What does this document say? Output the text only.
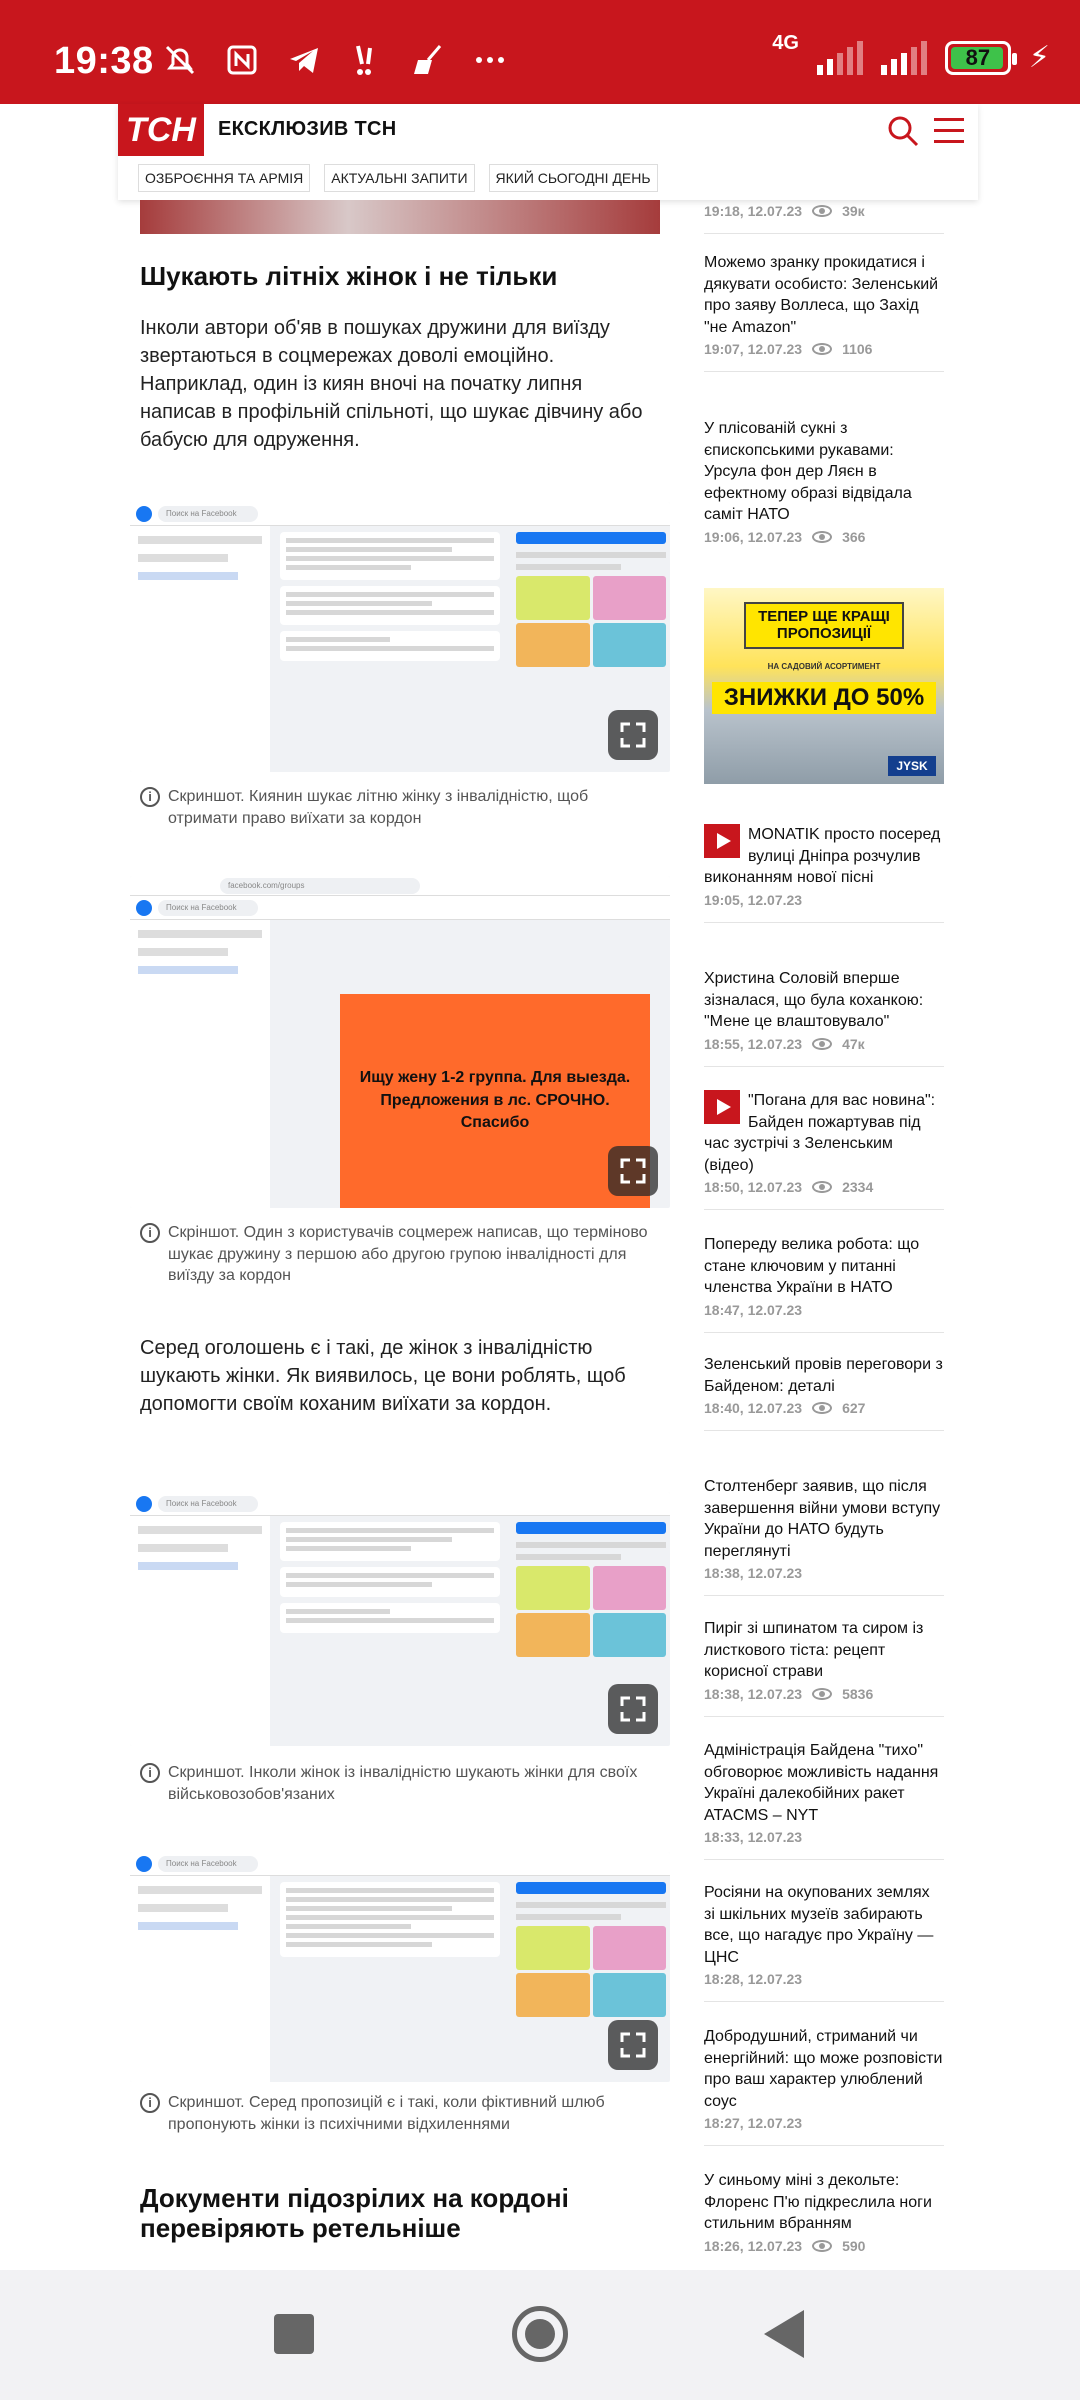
19:38	4G
87 ⚡
ТСН	ЕКСКЛЮЗИВ ТСН
ОЗБРОЄННЯ ТА АРМІЯ	АКТУАЛЬНІ ЗАПИТИ	ЯКИЙ СЬОГОДНІ ДЕНЬ
Шукають літніх жінок і не тільки
Інколи автори об'яв в пошуках дружини для виїзду звертаються в соцмережах доволі емоційно. Наприклад, один із киян вночі на початку липня написав в профільній спільноті, що шукає дівчину або бабусю для одруження.
Поиск на Facebook
i	Скриншот. Киянин шукає літню жінку з інвалідністю, щоб отримати право виїхати за кордон
facebook.com/groups
Поиск на Facebook
Ищу жену 1-2 группа. Для выезда. Предложения в лс. СРОЧНО. Спасибо
i	Скріншот. Один з користувачів соцмереж написав, що терміново шукає дружину з першою або другою групою інвалідності для виїзду за кордон
Серед оголошень є і такі, де жінок з інвалідністю шукають жінки. Як виявилось, це вони роблять, щоб допомогти своїм коханим виїхати за кордон.
Поиск на Facebook
i	Скриншот. Інколи жінок із інвалідністю шукають жінки для своїх військовозобов'язаних
Поиск на Facebook
i	Скриншот. Серед пропозицій є і такі, коли фіктивний шлюб пропонують жінки із психічними відхиленнями
Документи підозрілих на кордоні перевіряють ретельніше
19:18, 12.07.23	39к
Можемо зранку прокидатися і дякувати особисто: Зеленський про заяву Воллеса, що Захід "не Amazon"
19:07, 12.07.23	1106
У плісованій сукні з єпископськими рукавами: Урсула фон дер Ляєн в ефектному образі відвідала саміт НАТО
19:06, 12.07.23	366
ТЕПЕР ЩЕ КРАЩІ ПРОПОЗИЦІЇ
НА САДОВИЙ АСОРТИМЕНТ
ЗНИЖКИ ДО 50%
JYSK
MONATIK просто посеред вулиці Дніпра розчулив виконанням нової пісні
19:05, 12.07.23
Христина Соловій вперше зізналася, що була коханкою: "Мене це влаштовувало"
18:55, 12.07.23	47к
"Погана для вас новина": Байден пожартував під час зустрічі з Зеленським (відео)
18:50, 12.07.23	2334
Попереду велика робота: що стане ключовим у питанні членства України в НАТО
18:47, 12.07.23
Зеленський провів переговори з Байденом: деталі
18:40, 12.07.23	627
Столтенберг заявив, що після завершення війни умови вступу України до НАТО будуть переглянуті
18:38, 12.07.23
Пиріг зі шпинатом та сиром із листкового тіста: рецепт корисної страви
18:38, 12.07.23	5836
Адміністрація Байдена "тихо" обговорює можливість надання Україні далекобійних ракет ATACMS – NYT
18:33, 12.07.23
Росіяни на окупованих землях зі шкільних музеїв забирають все, що нагадує про Україну — ЦНС
18:28, 12.07.23
Добродушний, стриманий чи енергійний: що може розповісти про ваш характер улюблений соус
18:27, 12.07.23
У синьому міні з декольте: Флоренс П'ю підкреслила ноги стильним вбранням
18:26, 12.07.23	590
